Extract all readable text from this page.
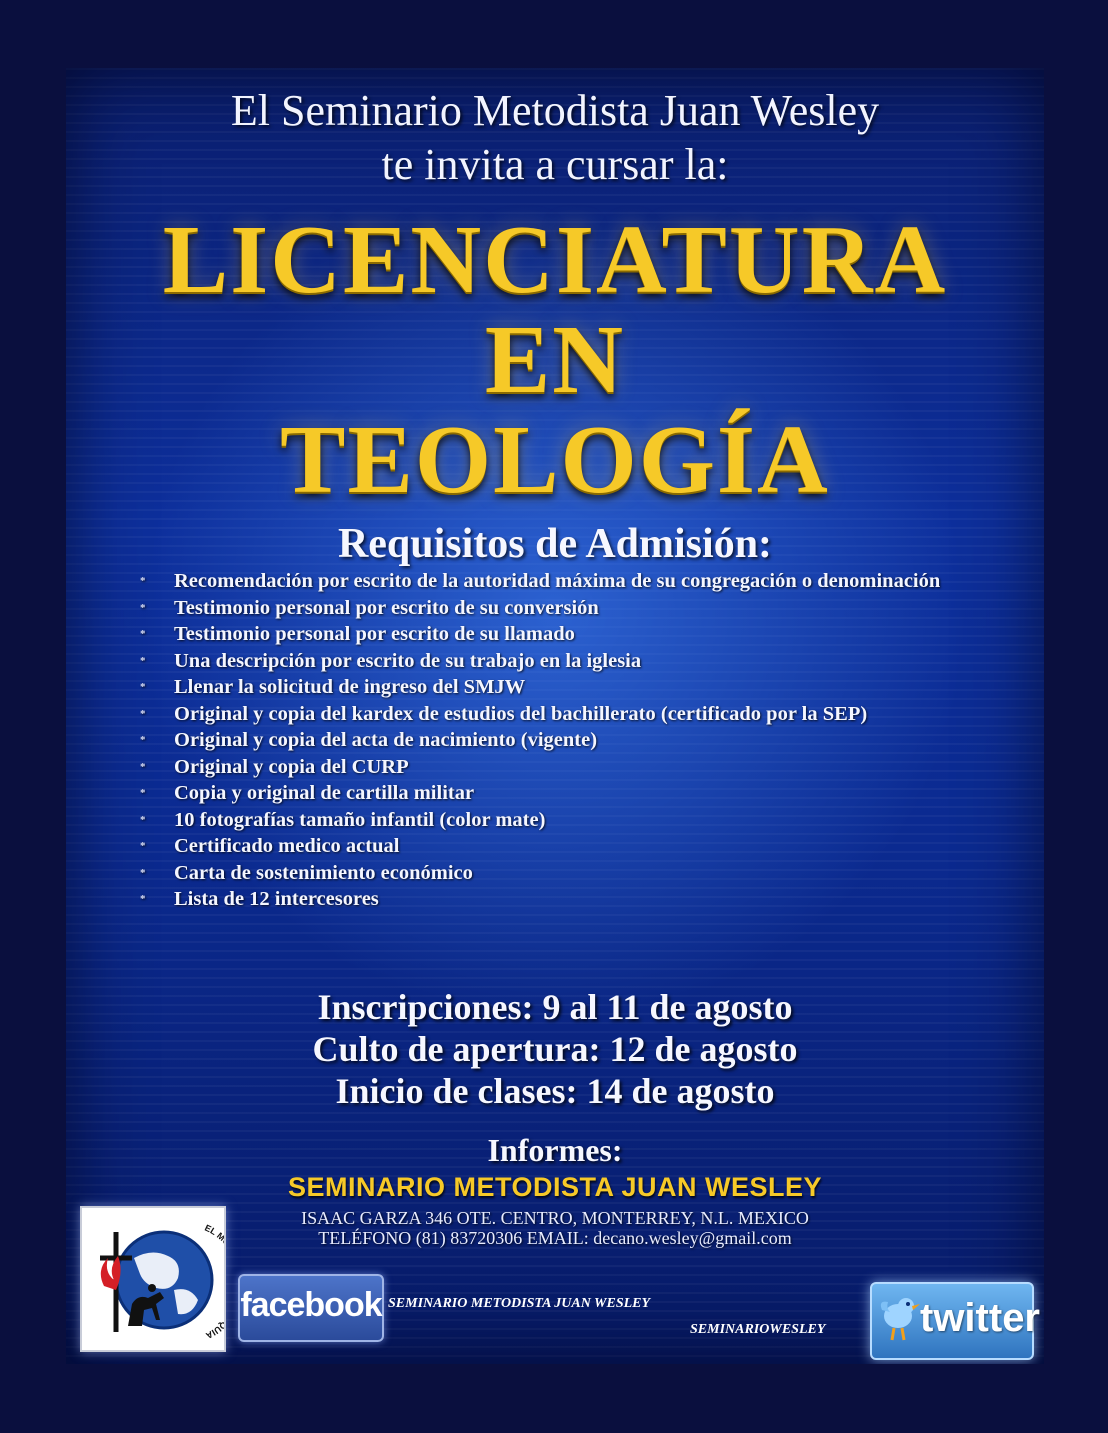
El Seminario Metodista Juan Wesley
te invita a cursar la:
LICENCIATURA
EN
TEOLOGÍA
Requisitos de Admisión:
* Recomendación por escrito de la autoridad máxima de su congregación o denominación
* Testimonio personal por escrito de su conversión
* Testimonio personal por escrito de su llamado
* Una descripción por escrito de su trabajo en la iglesia
* Llenar la solicitud de ingreso del SMJW
* Original y copia del kardex de estudios del bachillerato (certificado por la SEP)
* Original y copia del acta de nacimiento (vigente)
* Original y copia del CURP
* Copia y original de cartilla militar
* 10 fotografías tamaño infantil (color mate)
* Certificado medico actual
* Carta de sostenimiento económico
* Lista de 12 intercesores
Inscripciones: 9 al 11 de agosto
Culto de apertura: 12 de agosto
Inicio de clases: 14 de agosto
Informes:
SEMINARIO METODISTA JUAN WESLEY
ISAAC GARZA 346 OTE. CENTRO, MONTERREY, N.L. MEXICO
TELÉFONO (81) 83720306 EMAIL: decano.wesley@gmail.com
EL UIA
facebook SEMINARIO METODISTA JUAN WESLEY
SEMINARIOWESLEY twitter
